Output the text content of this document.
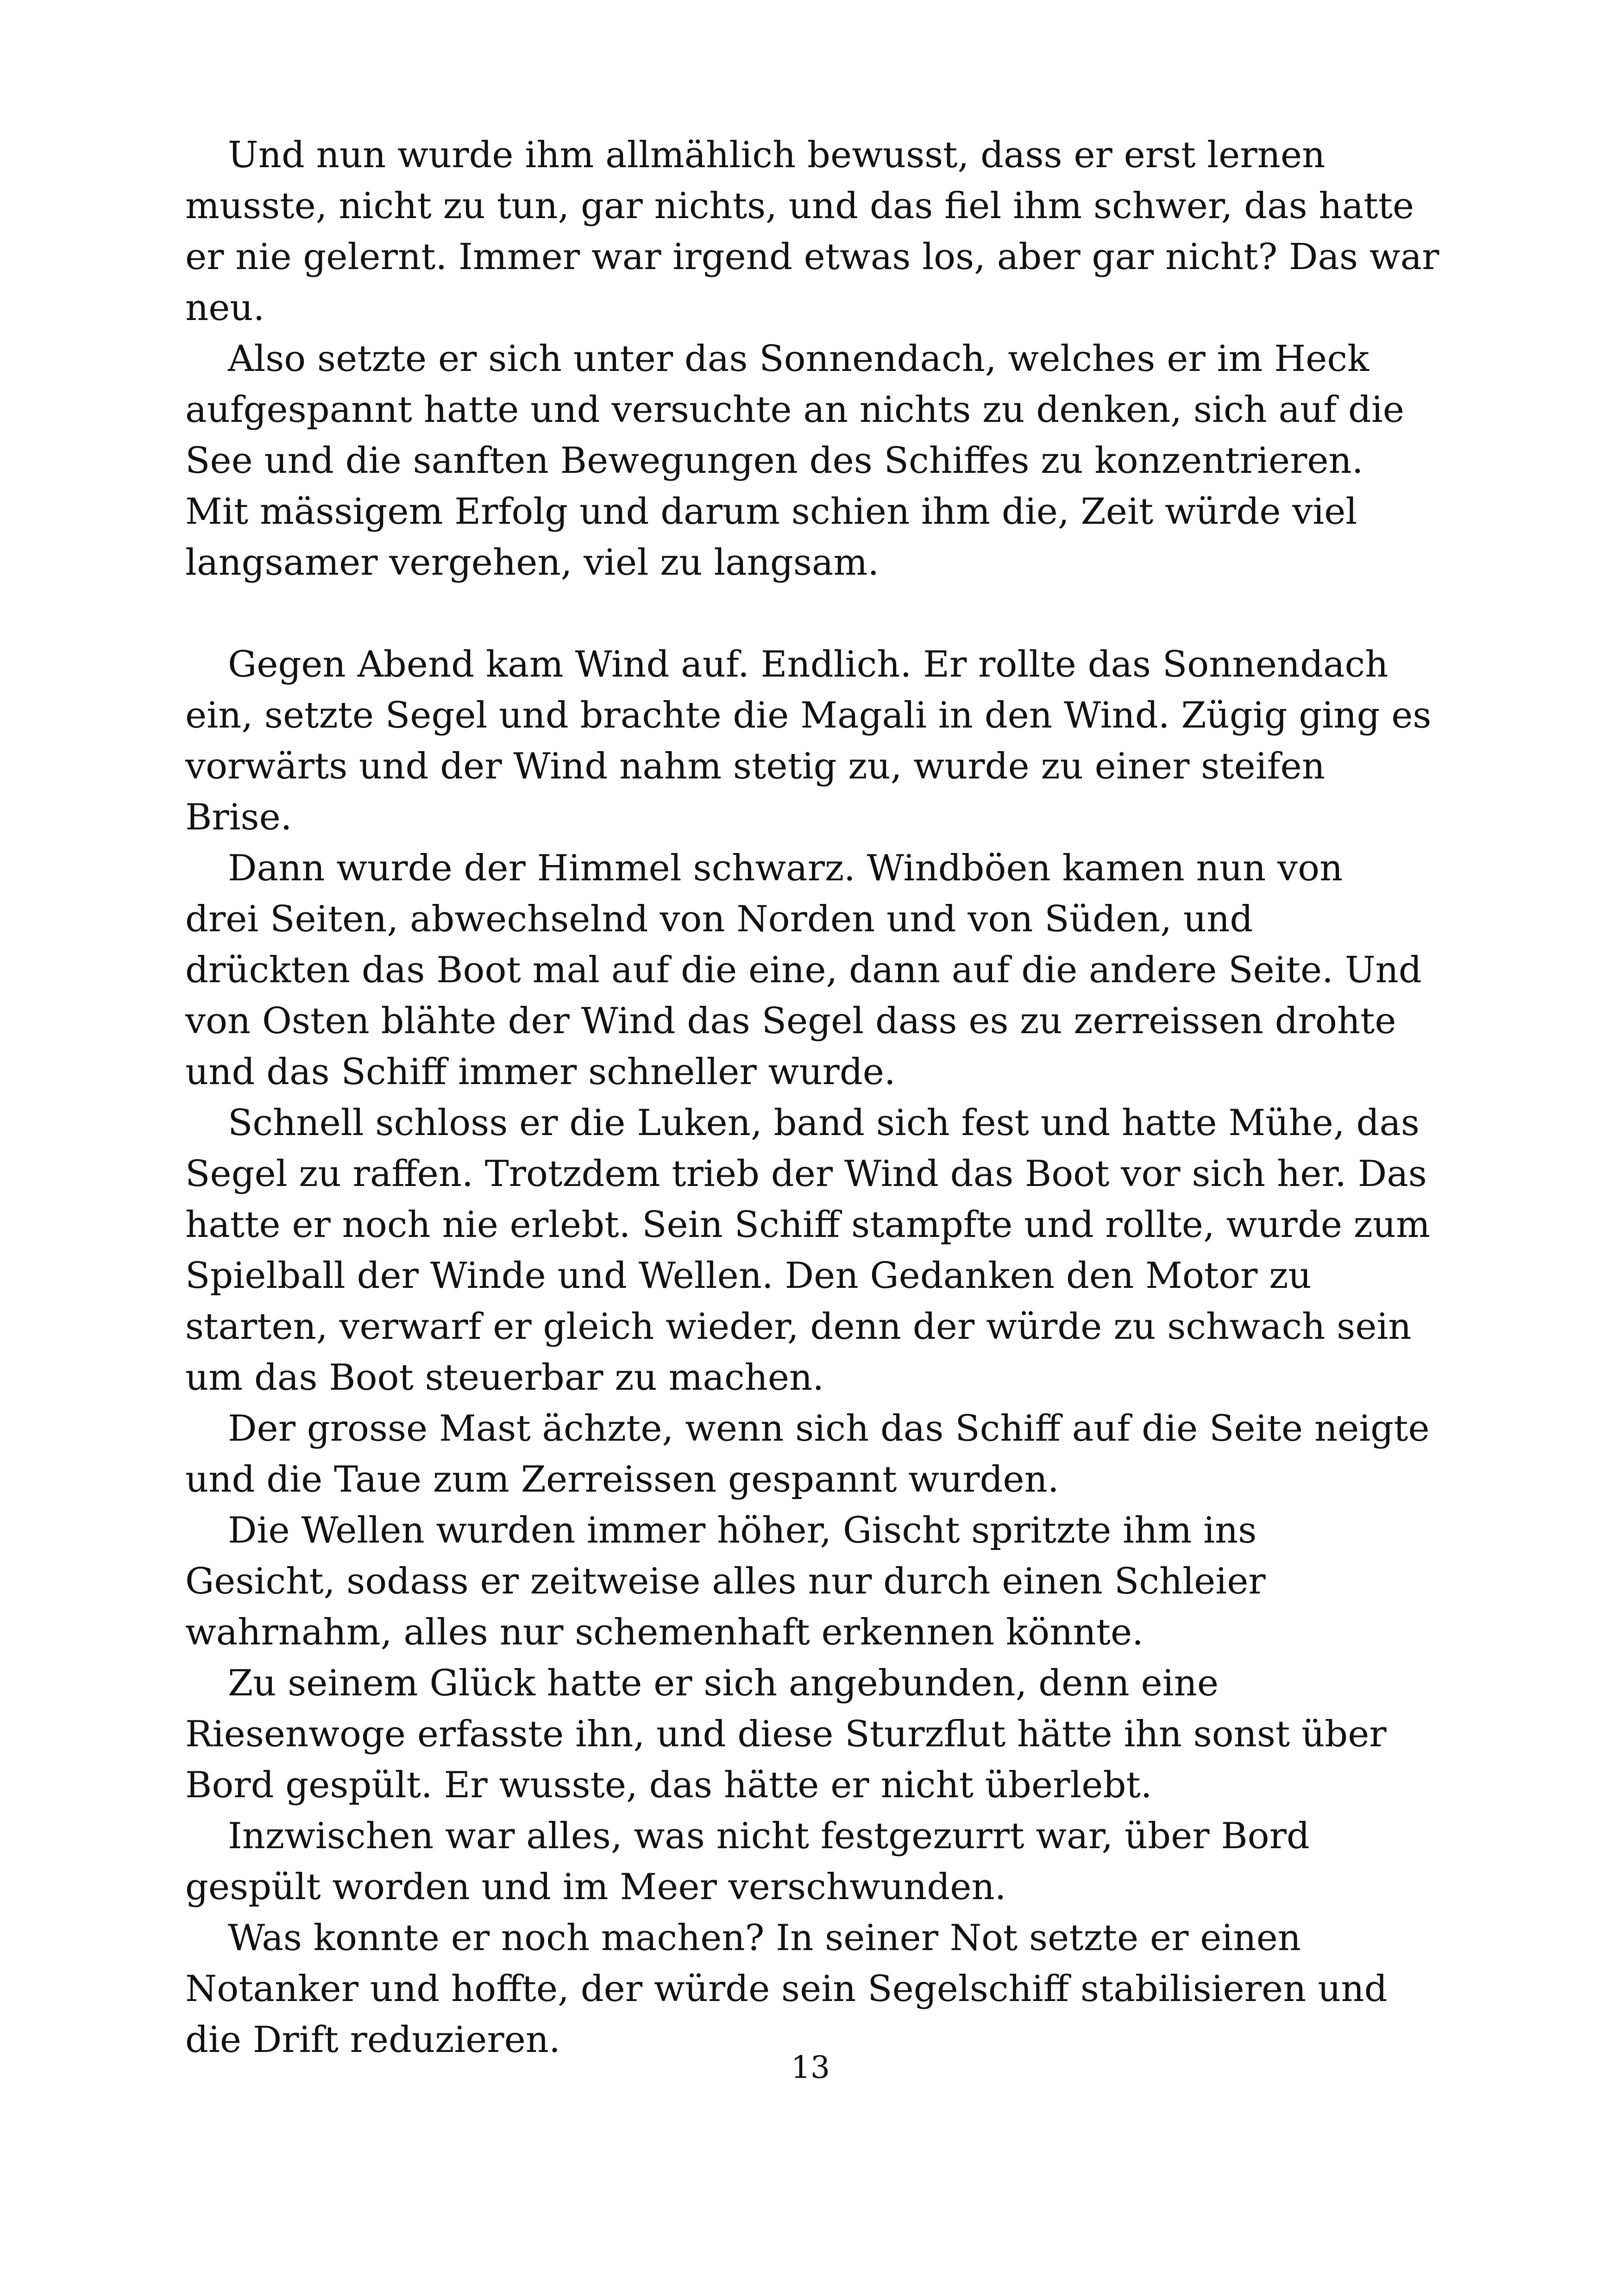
Und nun wurde ihm allmählich bewusst, dass er erst lernen
musste, nicht zu tun, gar nichts, und das fiel ihm schwer, das hatte
er nie gelernt. Immer war irgend etwas los, aber gar nicht? Das war
neu.
Also setzte er sich unter das Sonnendach, welches er im Heck
aufgespannt hatte und versuchte an nichts zu denken, sich auf die
See und die sanften Bewegungen des Schiffes zu konzentrieren.
Mit mässigem Erfolg und darum schien ihm die, Zeit würde viel
langsamer vergehen, viel zu langsam.
Gegen Abend kam Wind auf. Endlich. Er rollte das Sonnendach
ein, setzte Segel und brachte die Magali in den Wind. Zügig ging es
vorwärts und der Wind nahm stetig zu, wurde zu einer steifen
Brise.
Dann wurde der Himmel schwarz. Windböen kamen nun von
drei Seiten, abwechselnd von Norden und von Süden, und
drückten das Boot mal auf die eine, dann auf die andere Seite. Und
von Osten blähte der Wind das Segel dass es zu zerreissen drohte
und das Schiff immer schneller wurde.
Schnell schloss er die Luken, band sich fest und hatte Mühe, das
Segel zu raffen. Trotzdem trieb der Wind das Boot vor sich her. Das
hatte er noch nie erlebt. Sein Schiff stampfte und rollte, wurde zum
Spielball der Winde und Wellen. Den Gedanken den Motor zu
starten, verwarf er gleich wieder, denn der würde zu schwach sein
um das Boot steuerbar zu machen.
Der grosse Mast ächzte, wenn sich das Schiff auf die Seite neigte
und die Taue zum Zerreissen gespannt wurden.
Die Wellen wurden immer höher, Gischt spritzte ihm ins
Gesicht, sodass er zeitweise alles nur durch einen Schleier
wahrnahm, alles nur schemenhaft erkennen könnte.
Zu seinem Glück hatte er sich angebunden, denn eine
Riesenwoge erfasste ihn, und diese Sturzflut hätte ihn sonst über
Bord gespült. Er wusste, das hätte er nicht überlebt.
Inzwischen war alles, was nicht festgezurrt war, über Bord
gespült worden und im Meer verschwunden.
Was konnte er noch machen? In seiner Not setzte er einen
Notanker und hoffte, der würde sein Segelschiff stabilisieren und
die Drift reduzieren.
13
